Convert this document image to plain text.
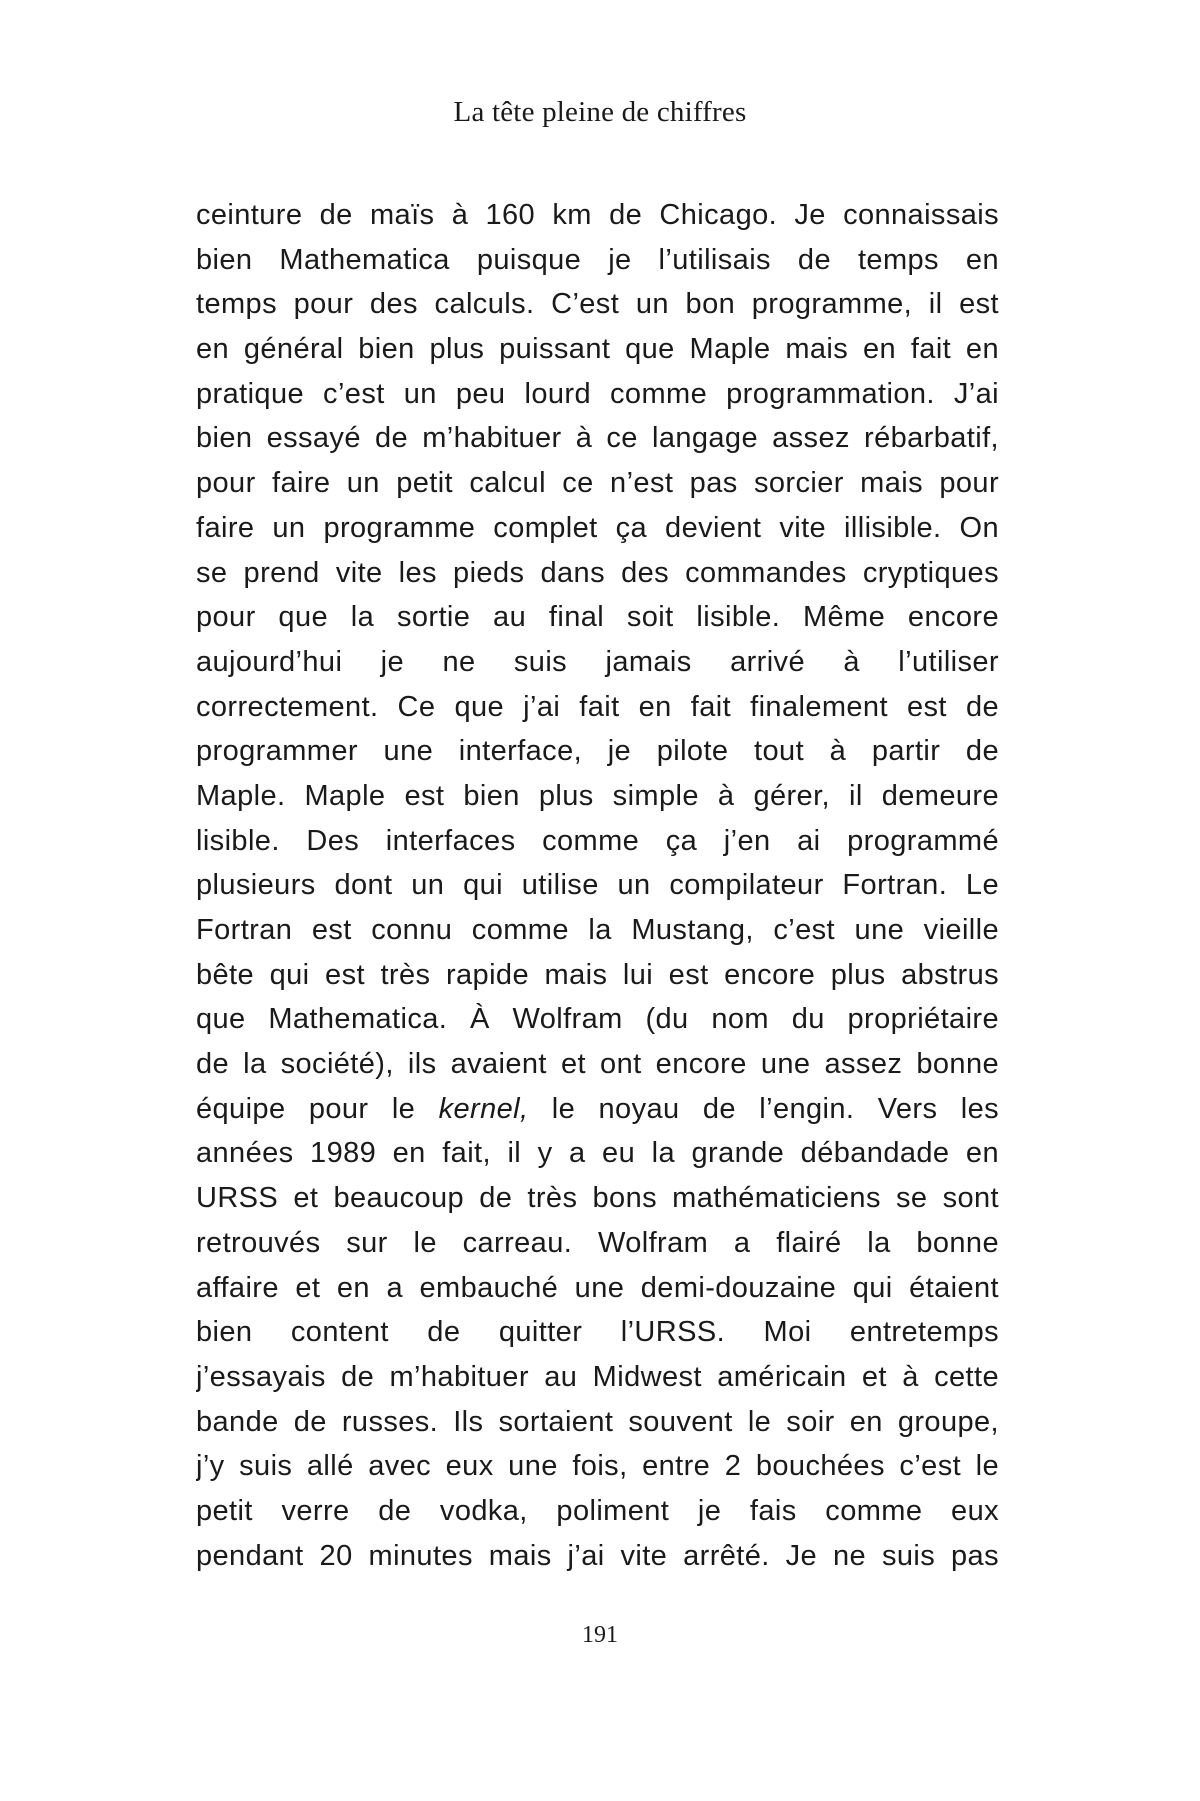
La tête pleine de chiffres
ceinture de maïs à 160 km de Chicago. Je connaissais
bien Mathematica puisque je l’utilisais de temps en
temps pour des calculs. C’est un bon programme, il est
en général bien plus puissant que Maple mais en fait en
pratique c’est un peu lourd comme programmation. J’ai
bien essayé de m’habituer à ce langage assez rébarbatif,
pour faire un petit calcul ce n’est pas sorcier mais pour
faire un programme complet ça devient vite illisible. On
se prend vite les pieds dans des commandes cryptiques
pour que la sortie au final soit lisible. Même encore
aujourd’hui je ne suis jamais arrivé à l’utiliser
correctement. Ce que j’ai fait en fait finalement est de
programmer une interface, je pilote tout à partir de
Maple. Maple est bien plus simple à gérer, il demeure
lisible. Des interfaces comme ça j’en ai programmé
plusieurs dont un qui utilise un compilateur Fortran. Le
Fortran est connu comme la Mustang, c’est une vieille
bête qui est très rapide mais lui est encore plus abstrus
que Mathematica. À Wolfram (du nom du propriétaire
de la société), ils avaient et ont encore une assez bonne
équipe pour le kernel, le noyau de l’engin. Vers les
années 1989 en fait, il y a eu la grande débandade en
URSS et beaucoup de très bons mathématiciens se sont
retrouvés sur le carreau. Wolfram a flairé la bonne
affaire et en a embauché une demi-douzaine qui étaient
bien content de quitter l’URSS. Moi entretemps
j’essayais de m’habituer au Midwest américain et à cette
bande de russes. Ils sortaient souvent le soir en groupe,
j’y suis allé avec eux une fois, entre 2 bouchées c’est le
petit verre de vodka, poliment je fais comme eux
pendant 20 minutes mais j’ai vite arrêté. Je ne suis pas
191
